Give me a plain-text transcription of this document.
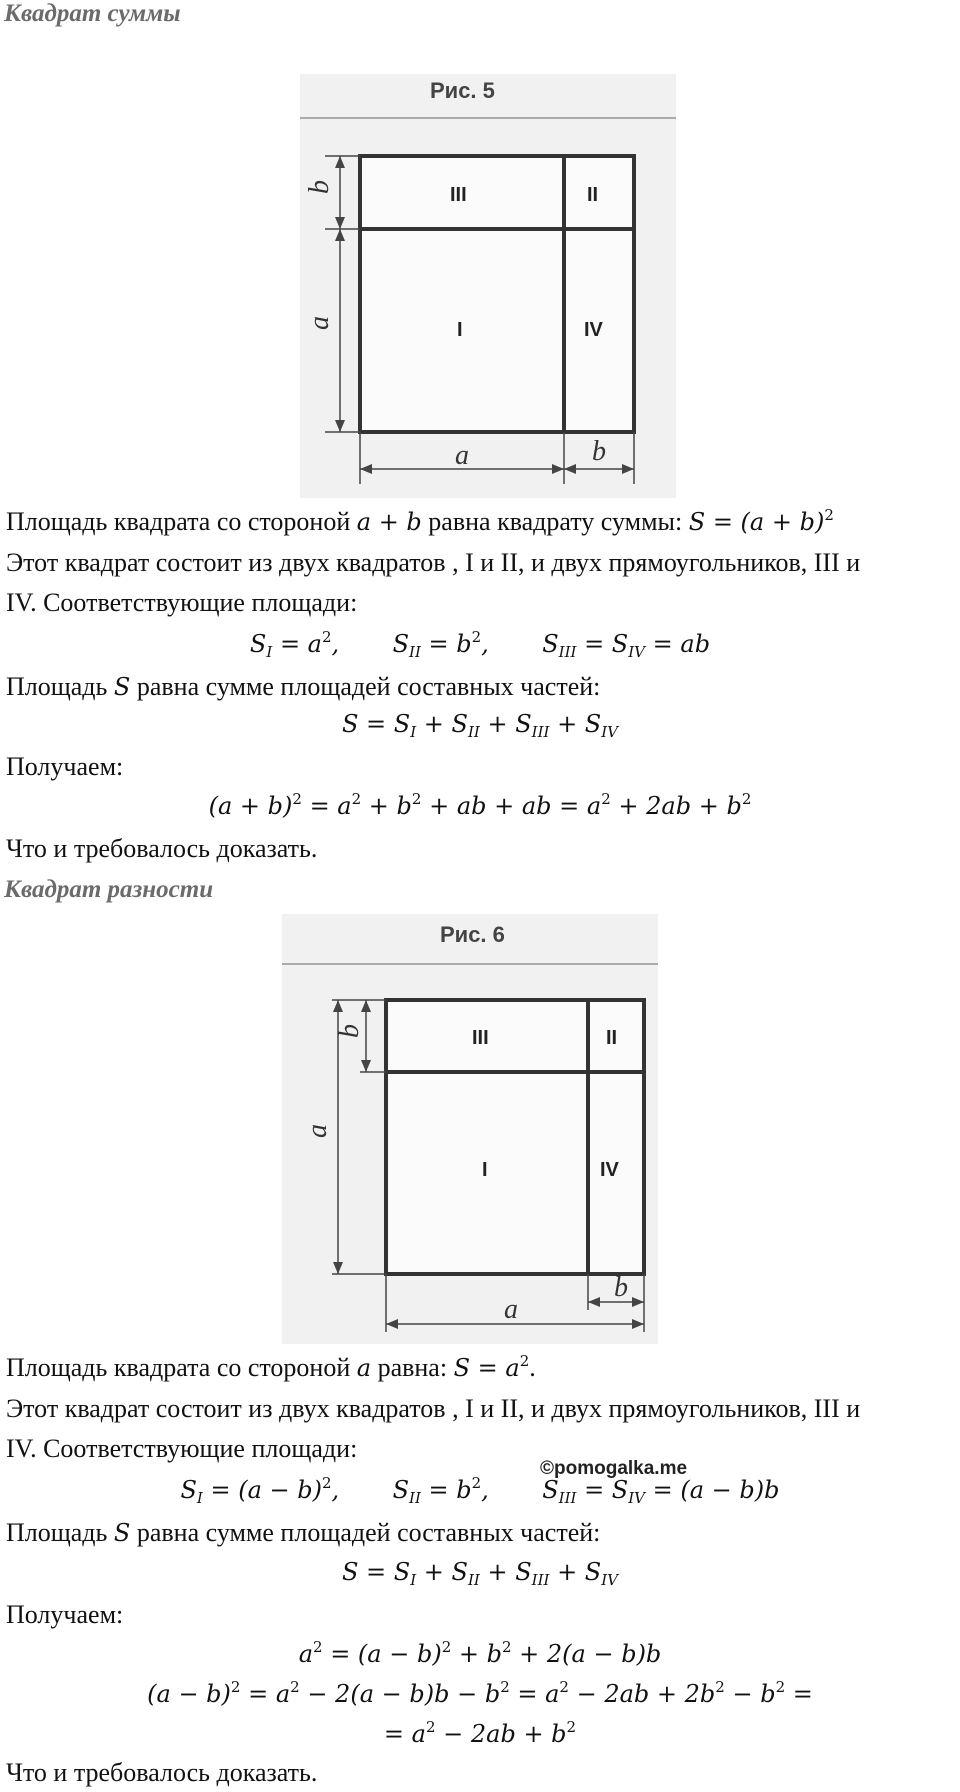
Квадрат суммы
Рис. 5
III	II
I	IV
b
a
a	b
Площадь квадрата со стороной a + b равна квадрату суммы: $S = (a + b)^2$
Этот квадрат состоит из двух квадратов , I и II, и двух прямоугольников, III и
IV. Соответствующие площади:
$S_I = a^2$,       $S_{II} = b^2$,       $S_{III} = S_{IV}$ = ab
Площадь S равна сумме площадей составных частей:
$S = S_I + S_{II} + S_{III} + S_{IV}$
Получаем:
$(a + b)^2 = a^2 + b^2$ + ab + ab = $a^2 + 2ab + b^2$
Что и требовалось доказать.
Квадрат разности
Рис. 6
III	II
I	IV
b
a
a
b
Площадь квадрата со стороной a равна: $S = a^2$.
Этот квадрат состоит из двух квадратов , I и II, и двух прямоугольников, III и
IV. Соответствующие площади:
©pomogalka.me
$S_I = (a - b)^2$,       $S_{II} = b^2$,       $S_{III} = S_{IV} = (a - b)b$
Площадь S равна сумме площадей составных частей:
$S = S_I + S_{II} + S_{III} + S_{IV}$
Получаем:
$a^2 = (a - b)^2 + b^2 + 2(a - b)b$
$(a - b)^2 = a^2 - 2(a - b)b - b^2 = a^2 - 2ab + 2b^2 - b^2$ =
= $a^2 - 2ab + b^2$
Что и требовалось доказать.
